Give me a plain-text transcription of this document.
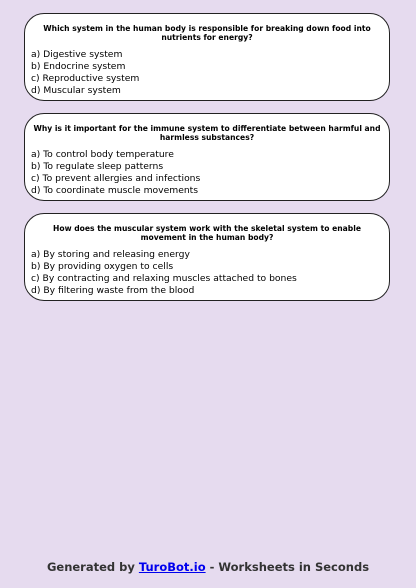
Which system in the human body is responsible for breaking down food into nutrients for energy?

a) Digestive system
b) Endocrine system
c) Reproductive system
d) Muscular system

Why is it important for the immune system to differentiate between harmful and harmless substances?

a) To control body temperature
b) To regulate sleep patterns
c) To prevent allergies and infections
d) To coordinate muscle movements

How does the muscular system work with the skeletal system to enable movement in the human body?

a) By storing and releasing energy
b) By providing oxygen to cells
c) By contracting and relaxing muscles attached to bones
d) By filtering waste from the blood
Generated by TuroBot.io - Worksheets in Seconds
